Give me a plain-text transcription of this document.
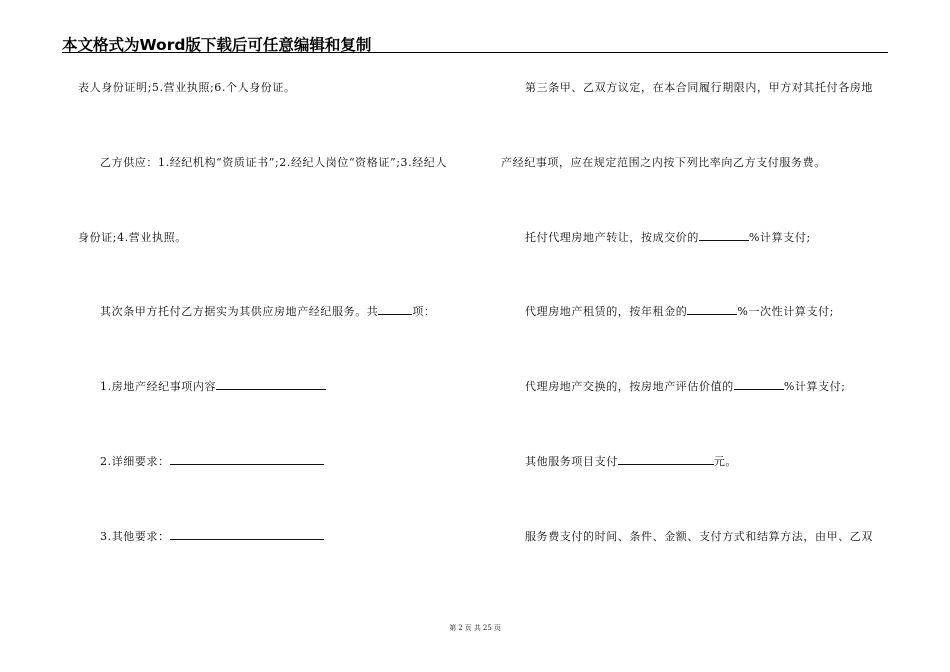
本文格式为Word版下载后可任意编辑和复制
表人身份证明;5.营业执照;6.个人身份证。
乙方供应：1.经纪机构“资质证书”;2.经纪人岗位“资格证”;3.经纪人
身份证;4.营业执照。
其次条甲方托付乙方据实为其供应房地产经纪服务。共	项：
1.房地产经纪事项内容
2.详细要求：
3.其他要求：
第三条甲、乙双方议定，在本合同履行期限内，甲方对其托付各房地
产经纪事项，应在规定范围之内按下列比率向乙方支付服务费。
托付代理房地产转让，按成交价的	%计算支付;
代理房地产租赁的，按年租金的	%一次性计算支付;
代理房地产交换的，按房地产评估价值的	%计算支付;
其他服务项目支付	元。
服务费支付的时间、条件、金额、支付方式和结算方法，由甲、乙双
第 2 页 共 25 页
